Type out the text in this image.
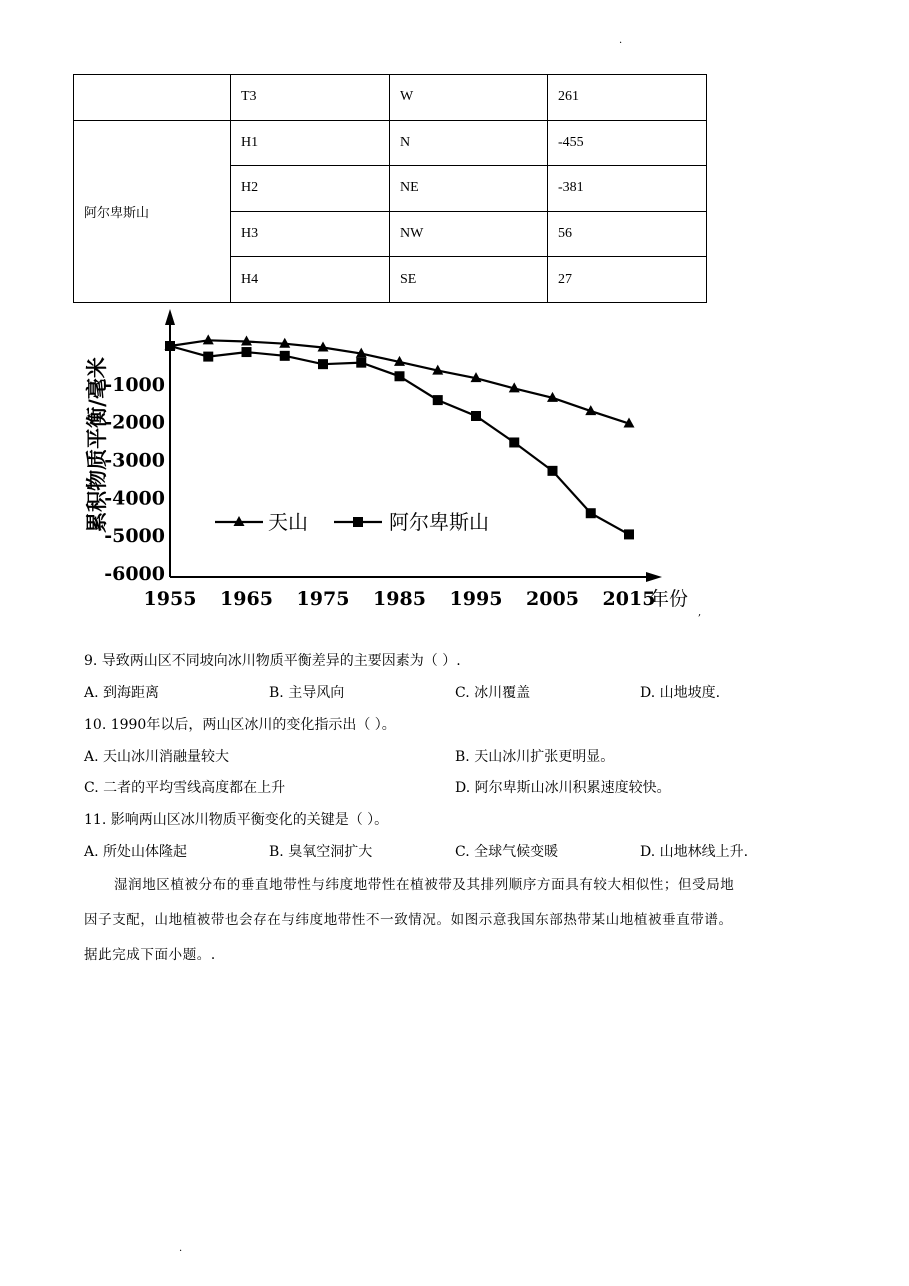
.
	T3	W	261
阿尔卑斯山	H1	N	-455
	H2	NE	-381
	H3	NW	56
	H4	SE	27
-1000
-2000
-3000
-4000
-5000
-6000
1955 1965 1975 1985 1995 2005 2015
年份
累积物质平衡/毫米
,
天山	阿尔卑斯山
9. 导致两山区不同坡向冰川物质平衡差异的主要因素为（ ）.
A. 到海距离	B. 主导风向	C. 冰川覆盖	D. 山地坡度.
10. 1990年以后，两山区冰川的变化指示出（ ）。
A. 天山冰川消融量较大	B. 天山冰川扩张更明显。
C. 二者的平均雪线高度都在上升	D. 阿尔卑斯山冰川积累速度较快。
11. 影响两山区冰川物质平衡变化的关键是（ ）。
A. 所处山体隆起	B. 臭氧空洞扩大	C. 全球气候变暖	D. 山地林线上升.
湿润地区植被分布的垂直地带性与纬度地带性在植被带及其排列顺序方面具有较大相似性；但受局地
因子支配，山地植被带也会存在与纬度地带性不一致情况。如图示意我国东部热带某山地植被垂直带谱。
据此完成下面小题。.
.
